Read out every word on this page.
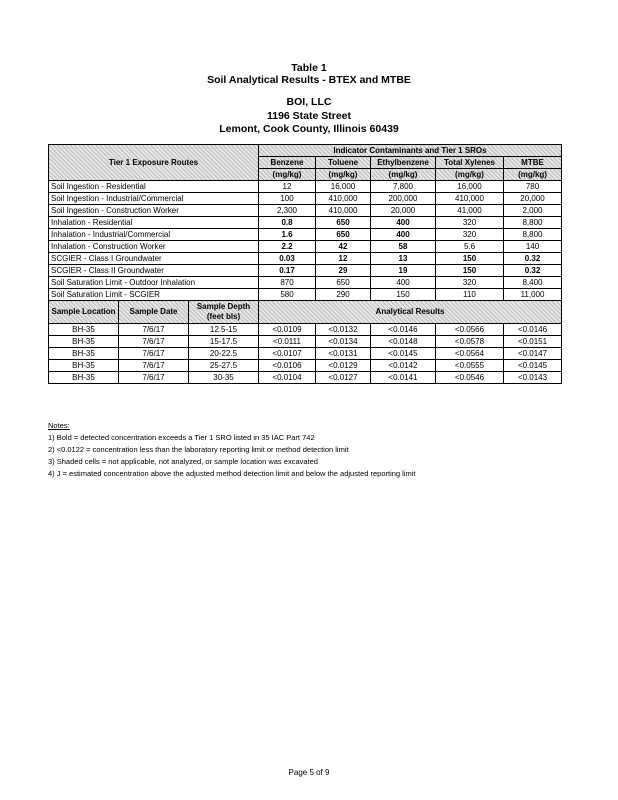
Table 1
Soil Analytical Results - BTEX and MTBE
BOI, LLC
1196 State Street
Lemont, Cook County, Illinois 60439
Tier 1 Exposure Routes			Indicator Contaminants and Tier 1 SROs				
			Benzene	Toluene	Ethylbenzene	Total Xylenes	MTBE
			(mg/kg)	(mg/kg)	(mg/kg)	(mg/kg)	(mg/kg)
Soil Ingestion - Residential			12	16,000	7,800	16,000	780
Soil Ingestion - Industrial/Commercial			100	410,000	200,000	410,000	20,000
Soil Ingestion - Construction Worker			2,300	410,000	20,000	41,000	2,000
Inhalation - Residential			0.8	650	400	320	8,800
Inhalation - Industrial/Commercial			1.6	650	400	320	8,800
Inhalation - Construction Worker			2.2	42	58	5.6	140
SCGIER - Class I Groundwater			0.03	12	13	150	0.32
SCGIER - Class II Groundwater			0.17	29	19	150	0.32
Soil Saturation Limit - Outdoor Inhalation			870	650	400	320	8,400
Soil Saturation Limit - SCGIER			580	290	150	110	11,000
Sample Location	Sample Date	Sample Depth (feet bls)	Analytical Results				
BH-35	7/6/17	12.5-15	<0.0109	<0.0132	<0.0146	<0.0566	<0.0146
BH-35	7/6/17	15-17.5	<0.0111	<0.0134	<0.0148	<0.0578	<0.0151
BH-35	7/6/17	20-22.5	<0.0107	<0.0131	<0.0145	<0.0564	<0.0147
BH-35	7/6/17	25-27.5	<0.0106	<0.0129	<0.0142	<0.0555	<0.0145
BH-35	7/6/17	30-35	<0.0104	<0.0127	<0.0141	<0.0546	<0.0143
Notes:
1) Bold = detected concentration exceeds a Tier 1 SRO listed in 35 IAC Part 742
2) <0.0122 = concentration less than the laboratory reporting limit or method detection limit
3) Shaded cells = not applicable, not analyzed, or sample location was excavated
4) J = estimated concentration above the adjusted method detection limit and below the adjusted reporting limit
Page 5 of 9
